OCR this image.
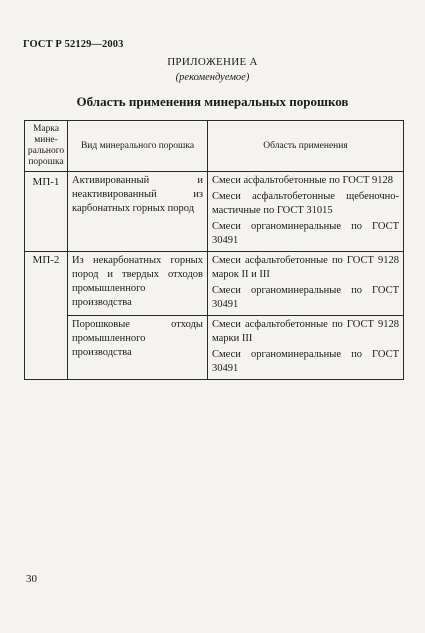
ГОСТ Р 52129—2003
ПРИЛОЖЕНИЕ А
(рекомендуемое)
Область применения минеральных порошков
Марка
мине-
рального
порошка	Вид минерального порошка	Область применения
МП-1	Активированный и неактивированный из карбонатных горных пород	Смеси асфальтобетонные по ГОСТ 9128
Смеси асфальтобетонные щебеночно-мастичные по ГОСТ 31015
Смеси органоминеральные по ГОСТ 30491

МП-2	Из некарбонатных горных пород и твердых отходов промышленного производства	Смеси асфальтобетонные по ГОСТ 9128 марок II и III
Смеси органоминеральные по ГОСТ 30491

	Порошковые отходы промышленного производства	Смеси асфальтобетонные по ГОСТ 9128 марки III
Смеси органоминеральные по ГОСТ 30491
30
